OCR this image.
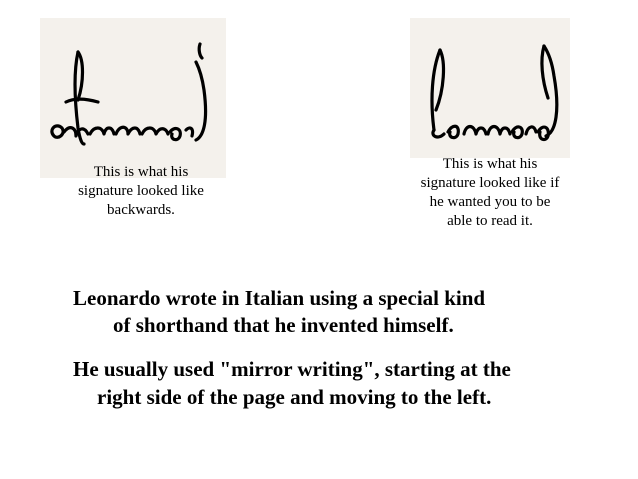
This is what his
signature looked like
backwards.
This is what his
signature looked like if
he wanted you to be
able to read it.
Leonardo wrote in Italian using a special kind
of shorthand that he invented himself.
He usually used "mirror writing", starting at the
right side of the page and moving to the left.
